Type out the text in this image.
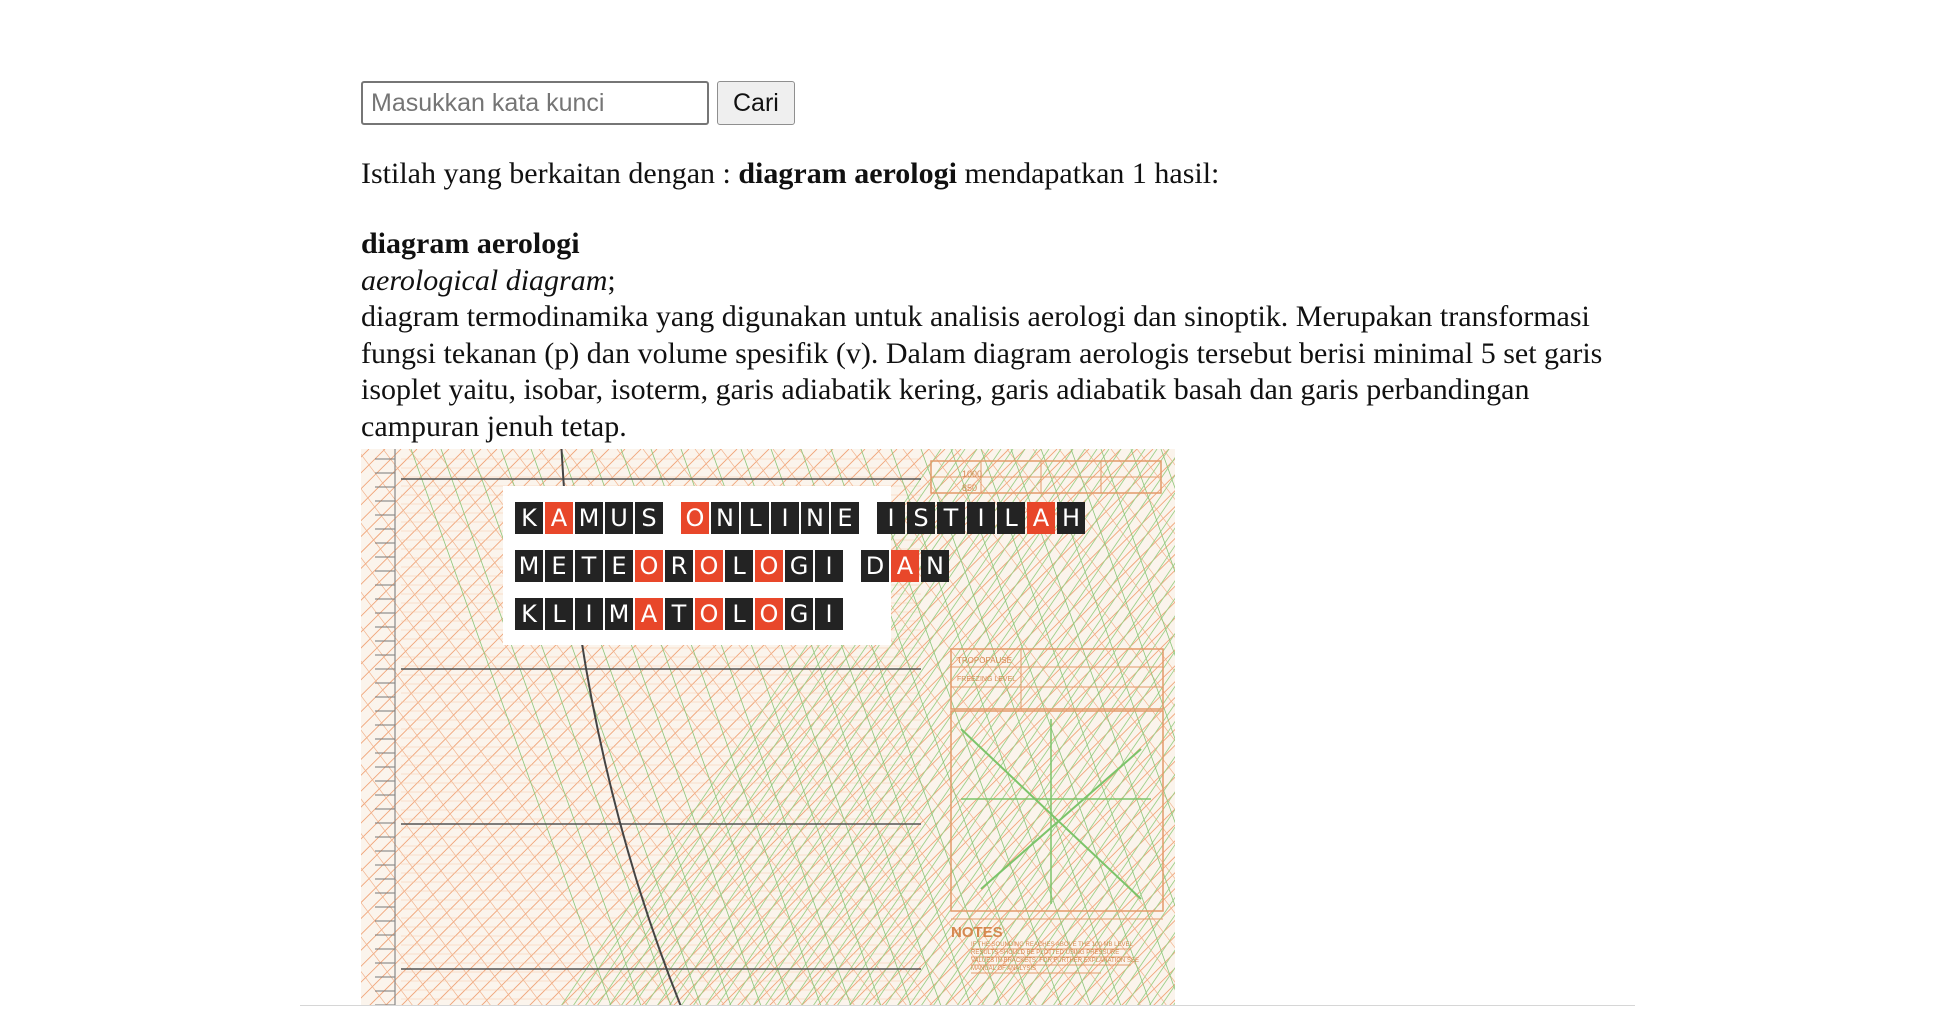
Masukkan kata kunci
Cari
Istilah yang berkaitan dengan : diagram aerologi mendapatkan 1 hasil:
diagram aerologi
aerological diagram;
diagram termodinamika yang digunakan untuk analisis aerologi dan sinoptik. Merupakan transformasi fungsi tekanan (p) dan volume spesifik (v). Dalam diagram aerologis tersebut berisi minimal 5 set garis isoplet yaitu, isobar, isoterm, garis adiabatik kering, garis adiabatik basah dan garis perbandingan campuran jenuh tetap.
1000
850
TROPOPAUSE
FREEZING LEVEL
NOTES
IF THE SOUNDING REACHES ABOVE THE 100 MB LEVEL RESULTS SHOULD BE PLOTTED USING PRESSURE VALUES IN BRACKETS. FOR FURTHER EXPLANATION SEE MANUAL OF ANALYSIS
K A M U S O N L I N E	I S T I L A H
M E T E O R O L O G I	D A N
K L I M A T O L O G I
